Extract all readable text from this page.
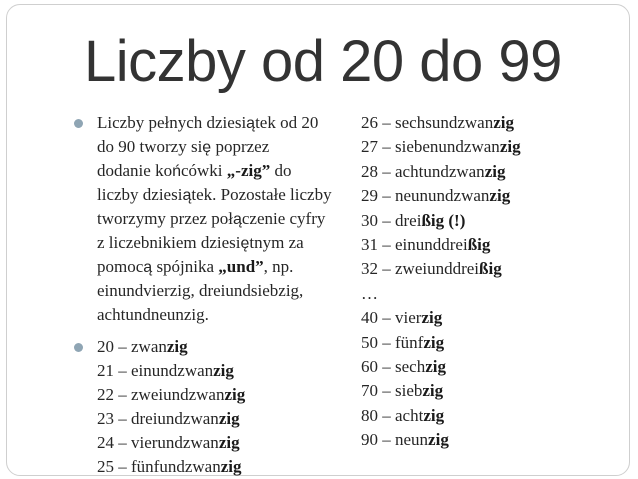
Liczby od 20 do 99
Liczby pełnych dziesiątek od 20
do 90 tworzy się poprzez
dodanie końcówki „-zig” do
liczby dziesiątek. Pozostałe liczby
tworzymy przez połączenie cyfry
z liczebnikiem dziesiętnym za
pomocą spójnika „und”, np.
einundvierzig, dreiundsiebzig,
achtundneunzig.
20 – zwanzig
21 – einundzwanzig
22 – zweiundzwanzig
23 – dreiundzwanzig
24 – vierundzwanzig
25 – fünfundzwanzig
26 – sechsundzwanzig
27 – siebenundzwanzig
28 – achtundzwanzig
29 – neunundzwanzig
30 – dreißig (!)
31 – einunddreißig
32 – zweiunddreißig
…
40 – vierzig
50 – fünfzig
60 – sechzig
70 – siebzig
80 – achtzig
90 – neunzig
